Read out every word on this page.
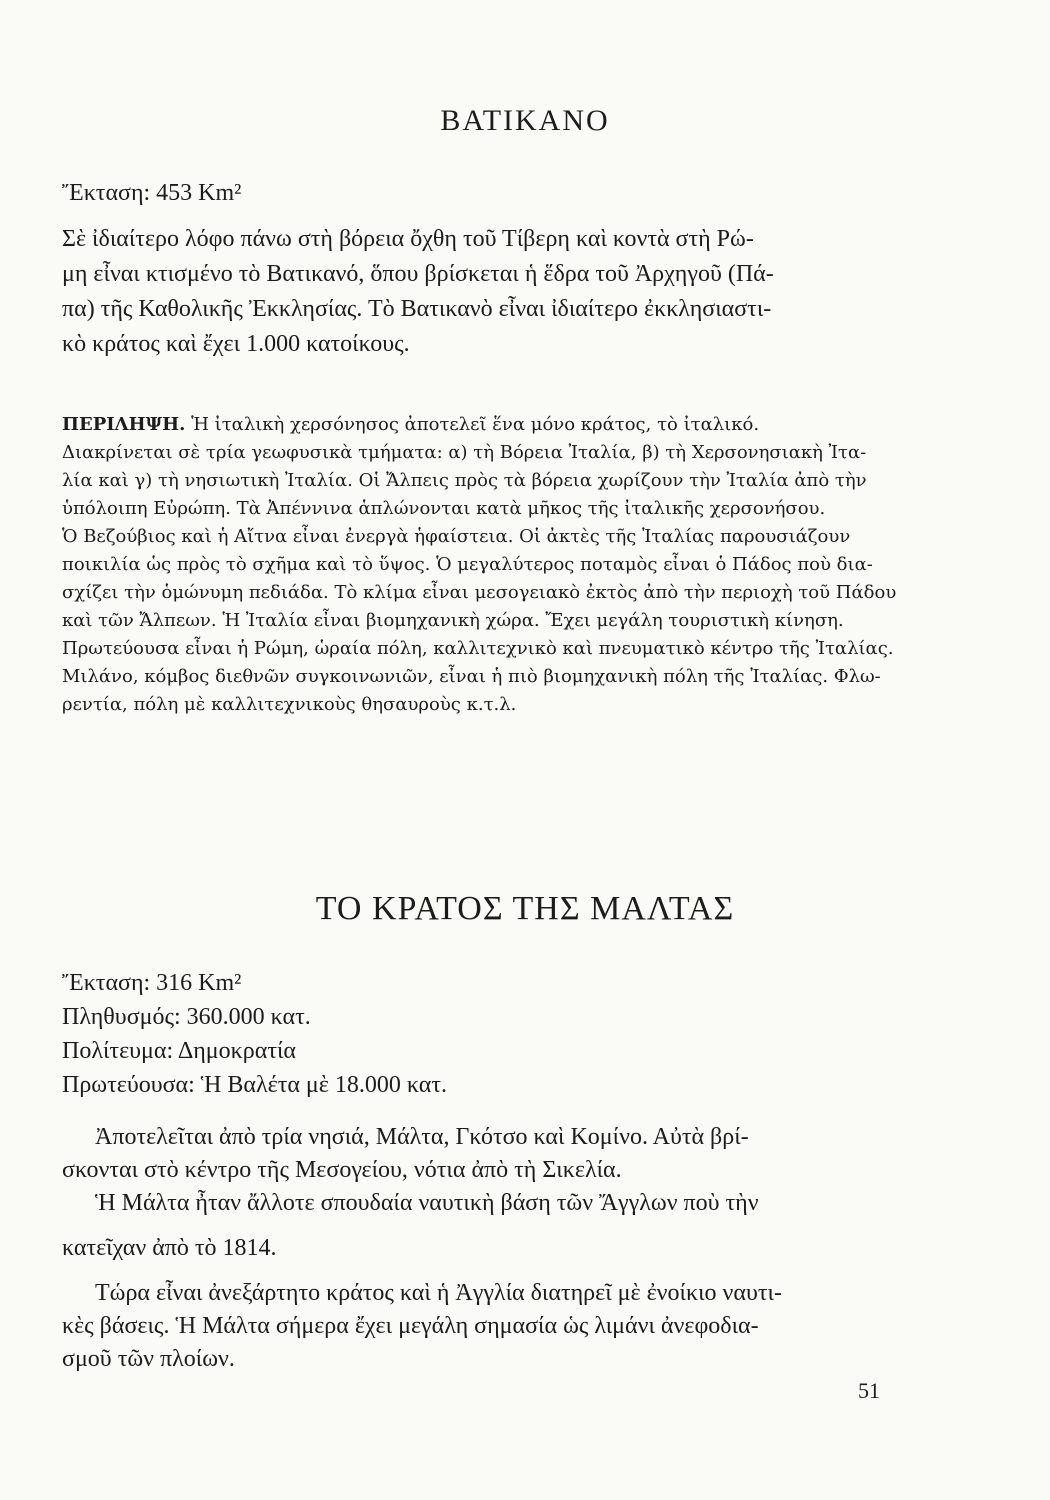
ΒΑΤΙΚΑΝΟ

Ἔκταση: 453 Km²

Σὲ ἰδιαίτερο λόφο πάνω στὴ βόρεια ὄχθη τοῦ Τίβερη καὶ κοντὰ στὴ Ρώ-

μη εἶναι κτισμένο τὸ Βατικανό, ὅπου βρίσκεται ἡ ἕδρα τοῦ Ἀρχηγοῦ (Πά-

πα) τῆς Καθολικῆς Ἐκκλησίας. Τὸ Βατικανὸ εἶναι ἰδιαίτερο ἐκκλησιαστι-

κὸ κράτος καὶ ἔχει 1.000 κατοίκους.

ΠΕΡΙΛΗΨΗ. Ἡ ἰταλικὴ χερσόνησος ἀποτελεῖ ἕνα μόνο κράτος, τὸ ἰταλικό.

Διακρίνεται σὲ τρία γεωφυσικὰ τμήματα: α) τὴ Βόρεια Ἰταλία, β) τὴ Χερσονησιακὴ Ἰτα-

λία καὶ γ) τὴ νησιωτικὴ Ἰταλία. Οἱ Ἄλπεις πρὸς τὰ βόρεια χωρίζουν τὴν Ἰταλία ἀπὸ τὴν

ὑπόλοιπη Εὐρώπη. Τὰ Ἀπέννινα ἁπλώνονται κατὰ μῆκος τῆς ἰταλικῆς χερσονήσου.

Ὁ Βεζούβιος καὶ ἡ Αἴτνα εἶναι ἐνεργὰ ἡφαίστεια. Οἱ ἀκτὲς τῆς Ἰταλίας παρουσιάζουν

ποικιλία ὡς πρὸς τὸ σχῆμα καὶ τὸ ὕψος. Ὁ μεγαλύτερος ποταμὸς εἶναι ὁ Πάδος ποὺ δια-

σχίζει τὴν ὁμώνυμη πεδιάδα. Τὸ κλίμα εἶναι μεσογειακὸ ἐκτὸς ἀπὸ τὴν περιοχὴ τοῦ Πάδου

καὶ τῶν Ἄλπεων. Ἡ Ἰταλία εἶναι βιομηχανικὴ χώρα. Ἔχει μεγάλη τουριστικὴ κίνηση.

Πρωτεύουσα εἶναι ἡ Ρώμη, ὡραία πόλη, καλλιτεχνικὸ καὶ πνευματικὸ κέντρο τῆς Ἰταλίας.

Μιλάνο, κόμβος διεθνῶν συγκοινωνιῶν, εἶναι ἡ πιὸ βιομηχανικὴ πόλη τῆς Ἰταλίας. Φλω-

ρεντία, πόλη μὲ καλλιτεχνικοὺς θησαυροὺς κ.τ.λ.

ΤΟ ΚΡΑΤΟΣ ΤΗΣ ΜΑΛΤΑΣ

Ἔκταση: 316 Km²

Πληθυσμός: 360.000 κατ.

Πολίτευμα: Δημοκρατία

Πρωτεύουσα: Ἡ Βαλέτα μὲ 18.000 κατ.

Ἀποτελεῖται ἀπὸ τρία νησιά, Μάλτα, Γκότσο καὶ Κομίνο. Αὐτὰ βρί-

σκονται στὸ κέντρο τῆς Μεσογείου, νότια ἀπὸ τὴ Σικελία.

Ἡ Μάλτα ἦταν ἄλλοτε σπουδαία ναυτικὴ βάση τῶν Ἄγγλων ποὺ τὴν

κατεῖχαν ἀπὸ τὸ 1814.

Τώρα εἶναι ἀνεξάρτητο κράτος καὶ ἡ Ἀγγλία διατηρεῖ μὲ ἐνοίκιο ναυτι-

κὲς βάσεις. Ἡ Μάλτα σήμερα ἔχει μεγάλη σημασία ὡς λιμάνι ἀνεφοδια-

σμοῦ τῶν πλοίων.

51
